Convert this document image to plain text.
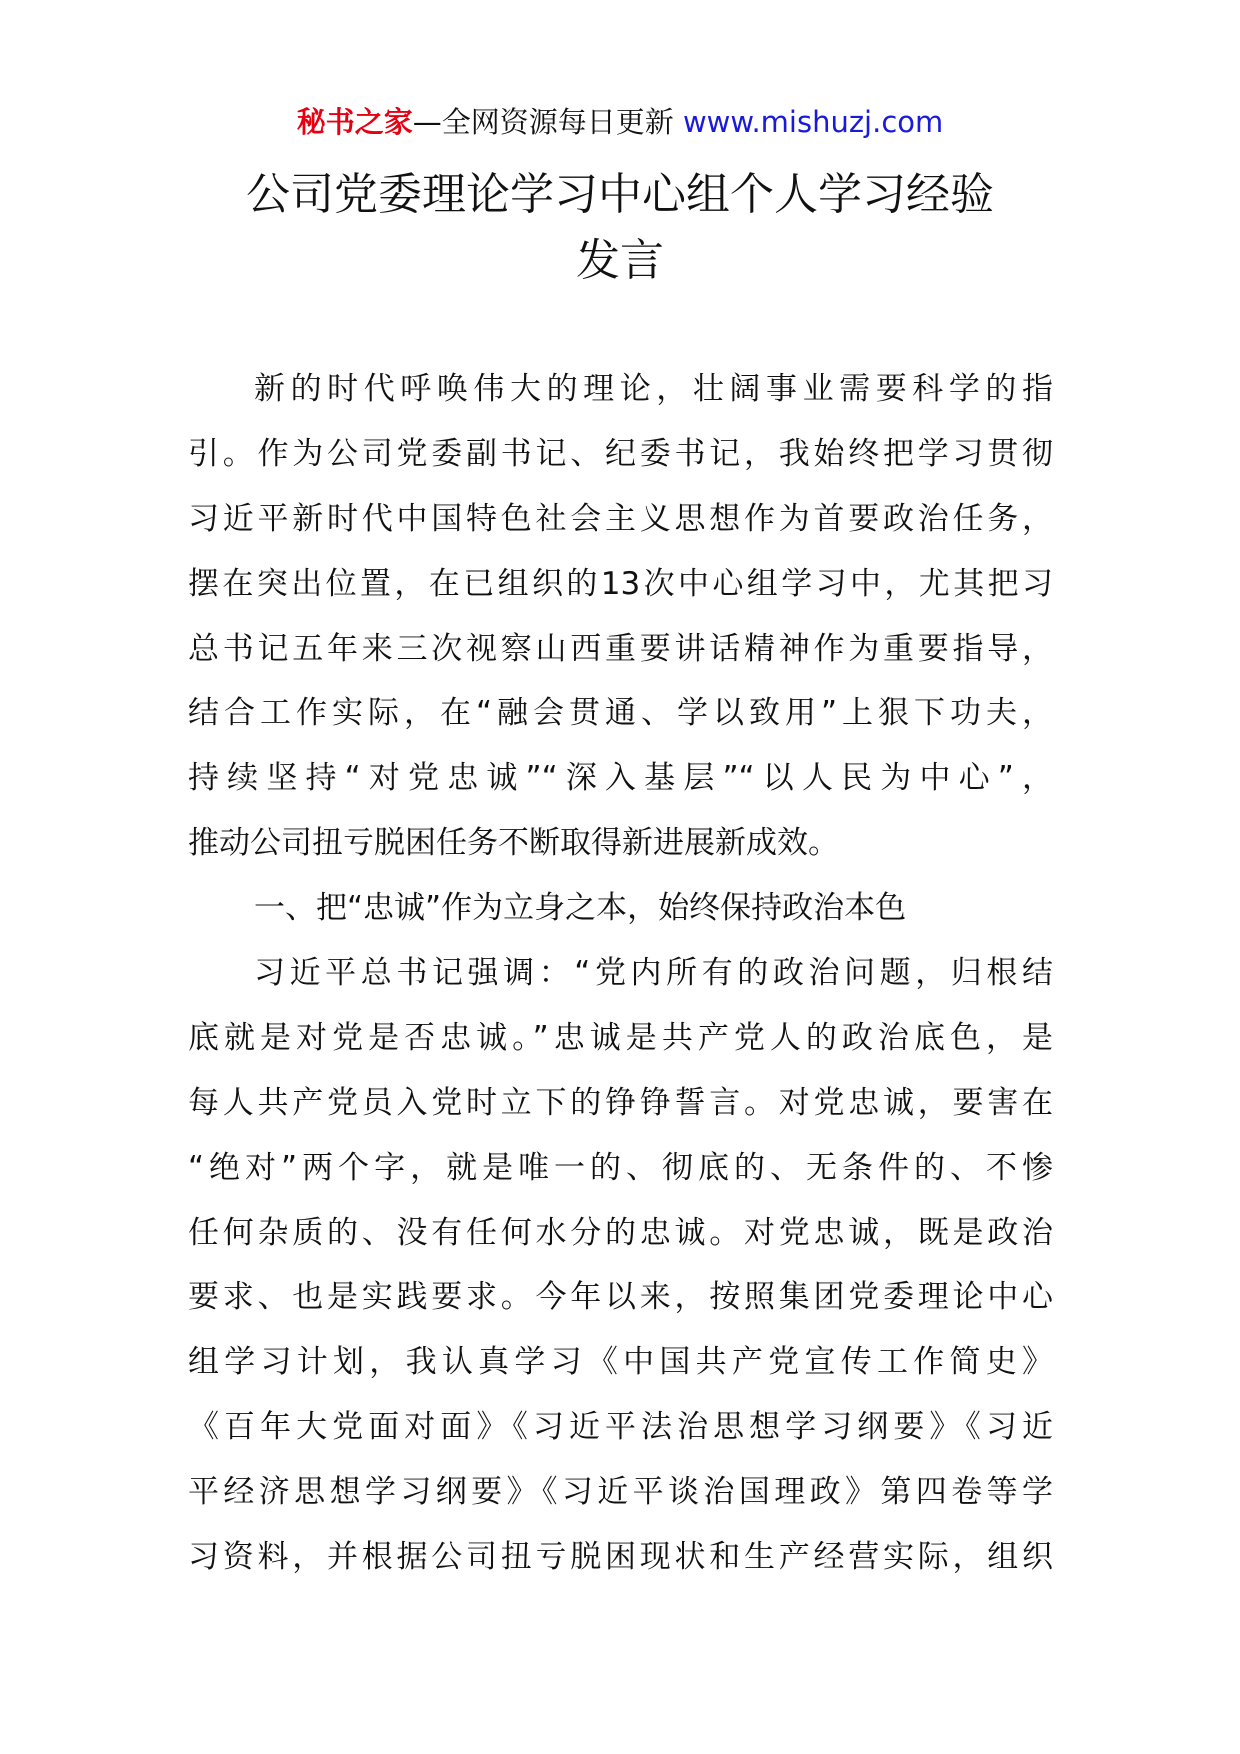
秘书之家—全网资源每日更新 www.mishuzj.com
公司党委理论学习中心组个人学习经验
发言
新的时代呼唤伟大的理论，壮阔事业需要科学的指
引。作为公司党委副书记、纪委书记，我始终把学习贯彻
习近平新时代中国特色社会主义思想作为首要政治任务，
摆在突出位置，在已组织的13次中心组学习中，尤其把习
总书记五年来三次视察山西重要讲话精神作为重要指导，
结合工作实际，在“融会贯通、学以致用”上狠下功夫，
持续坚持“对党忠诚”“深入基层”“以人民为中心”，
推动公司扭亏脱困任务不断取得新进展新成效。
一、把“忠诚”作为立身之本，始终保持政治本色
习近平总书记强调：“党内所有的政治问题，归根结
底就是对党是否忠诚。”忠诚是共产党人的政治底色，是
每人共产党员入党时立下的铮铮誓言。对党忠诚，要害在
“绝对”两个字，就是唯一的、彻底的、无条件的、不惨
任何杂质的、没有任何水分的忠诚。对党忠诚，既是政治
要求、也是实践要求。今年以来，按照集团党委理论中心
组学习计划，我认真学习《中国共产党宣传工作简史》
《百年大党面对面》《习近平法治思想学习纲要》《习近
平经济思想学习纲要》《习近平谈治国理政》第四卷等学
习资料，并根据公司扭亏脱困现状和生产经营实际，组织
